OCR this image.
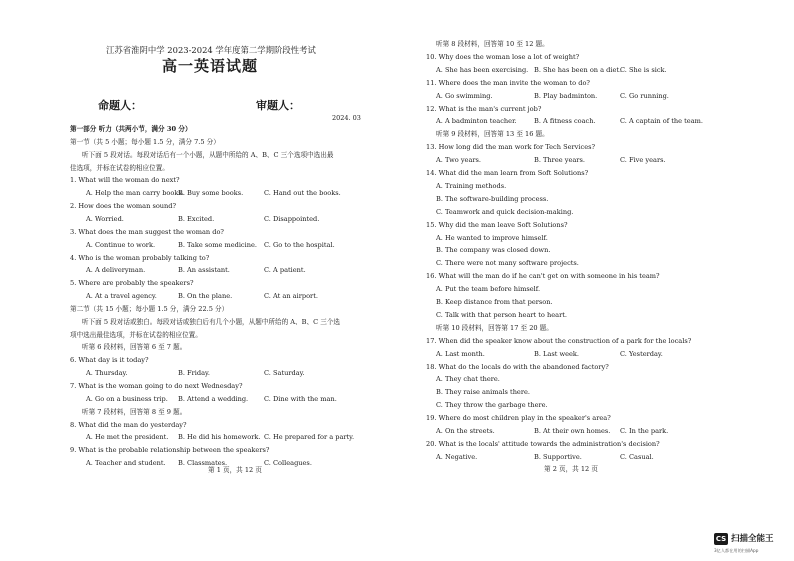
江苏省淮阴中学 2023-2024 学年度第二学期阶段性考试
高一英语试题
命题人：	审题人：
2024. 03
第一部分 听力（共两小节，满分 30 分）
第一节（共 5 小题；每小题 1.5 分，满分 7.5 分）
听下面 5 段对话。每段对话后有一个小题，从题中所给的 A、B、C 三个选项中选出最
佳选项，并标在试卷的相应位置。
1. What will the woman do next?
A. Help the man carry books.
B. Buy some books.	C. Hand out the books.
2. How does the woman sound?
A. Worried.	B. Excited.	C. Disappointed.
3. What does the man suggest the woman do?
A. Continue to work.	B. Take some medicine. C. Go to the hospital.
4. Who is the woman probably talking to?
A. A deliveryman.	B. An assistant.	C. A patient.
5. Where are probably the speakers?
A. At a travel agency.	B. On the plane.	C. At an airport.
第二节（共 15 小题；每小题 1.5 分，满分 22.5 分）
听下面 5 段对话或独白。每段对话或独白后有几个小题，从题中所给的 A、B、C 三个选
项中选出最佳选项，并标在试卷的相应位置。
听第 6 段材料，回答第 6 至 7 题。
6. What day is it today?
A. Thursday.	B. Friday.	C. Saturday.
7. What is the woman going to do next Wednesday?
A. Go on a business trip. B. Attend a wedding. C. Dine with the man.
听第 7 段材料，回答第 8 至 9 题。
8. What did the man do yesterday?
A. He met the president. B. He did his homework. C. He prepared for a party.
9. What is the probable relationship between the speakers?
A. Teacher and student. B. Classmates.	C. Colleagues.
第 1 页，共 12 页
听第 8 段材料，回答第 10 至 12 题。
10. Why does the woman lose a lot of weight?
A. She has been exercising. B. She has been on a diet.
C. She is sick.
11. Where does the man invite the woman to do?
A. Go swimming.	B. Play badminton.	C. Go running.
12. What is the man's current job?
A. A badminton teacher.	B. A fitness coach.	C. A captain of the team.
听第 9 段材料，回答第 13 至 16 题。
13. How long did the man work for Tech Services?
A. Two years.	B. Three years.	C. Five years.
14. What did the man learn from Soft Solutions?
A. Training methods.
B. The software-building process.
C. Teamwork and quick decision-making.
15. Why did the man leave Soft Solutions?
A. He wanted to improve himself.
B. The company was closed down.
C. There were not many software projects.
16. What will the man do if he can't get on with someone in his team?
A. Put the team before himself.
B. Keep distance from that person.
C. Talk with that person heart to heart.
听第 10 段材料，回答第 17 至 20 题。
17. When did the speaker know about the construction of a park for the locals?
A. Last month.	B. Last week.	C. Yesterday.
18. What do the locals do with the abandoned factory?
A. They chat there.
B. They raise animals there.
C. They throw the garbage there.
19. Where do most children play in the speaker's area?
A. On the streets.	B. At their own homes. C. In the park.
20. What is the locals' attitude towards the administration's decision?
A. Negative.	B. Supportive.	C. Casual.
第 2 页，共 12 页
CS 扫描全能王
3亿人都在用的扫描App
